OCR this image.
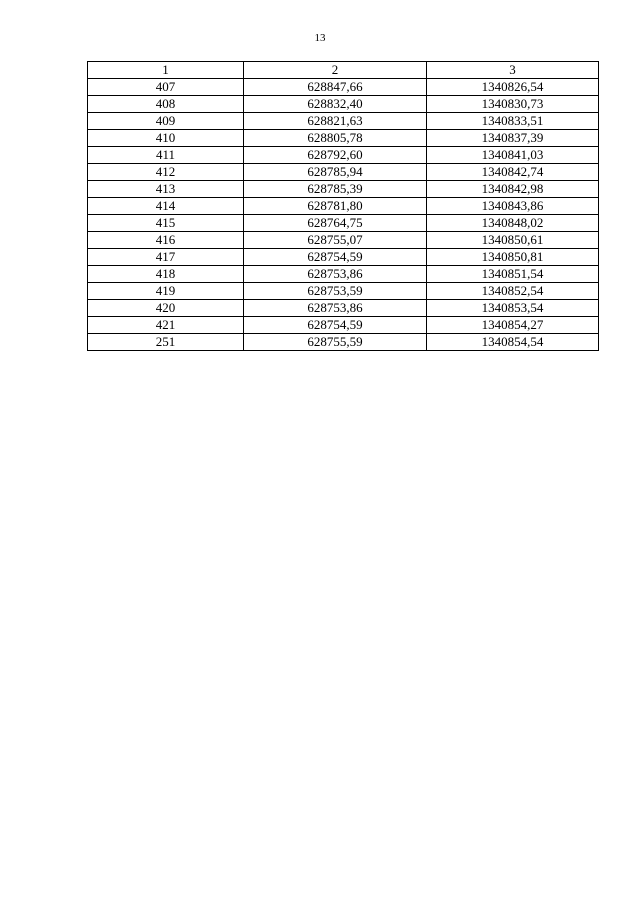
13
1	2	3
407	628847,66	1340826,54
408	628832,40	1340830,73
409	628821,63	1340833,51
410	628805,78	1340837,39
411	628792,60	1340841,03
412	628785,94	1340842,74
413	628785,39	1340842,98
414	628781,80	1340843,86
415	628764,75	1340848,02
416	628755,07	1340850,61
417	628754,59	1340850,81
418	628753,86	1340851,54
419	628753,59	1340852,54
420	628753,86	1340853,54
421	628754,59	1340854,27
251	628755,59	1340854,54
